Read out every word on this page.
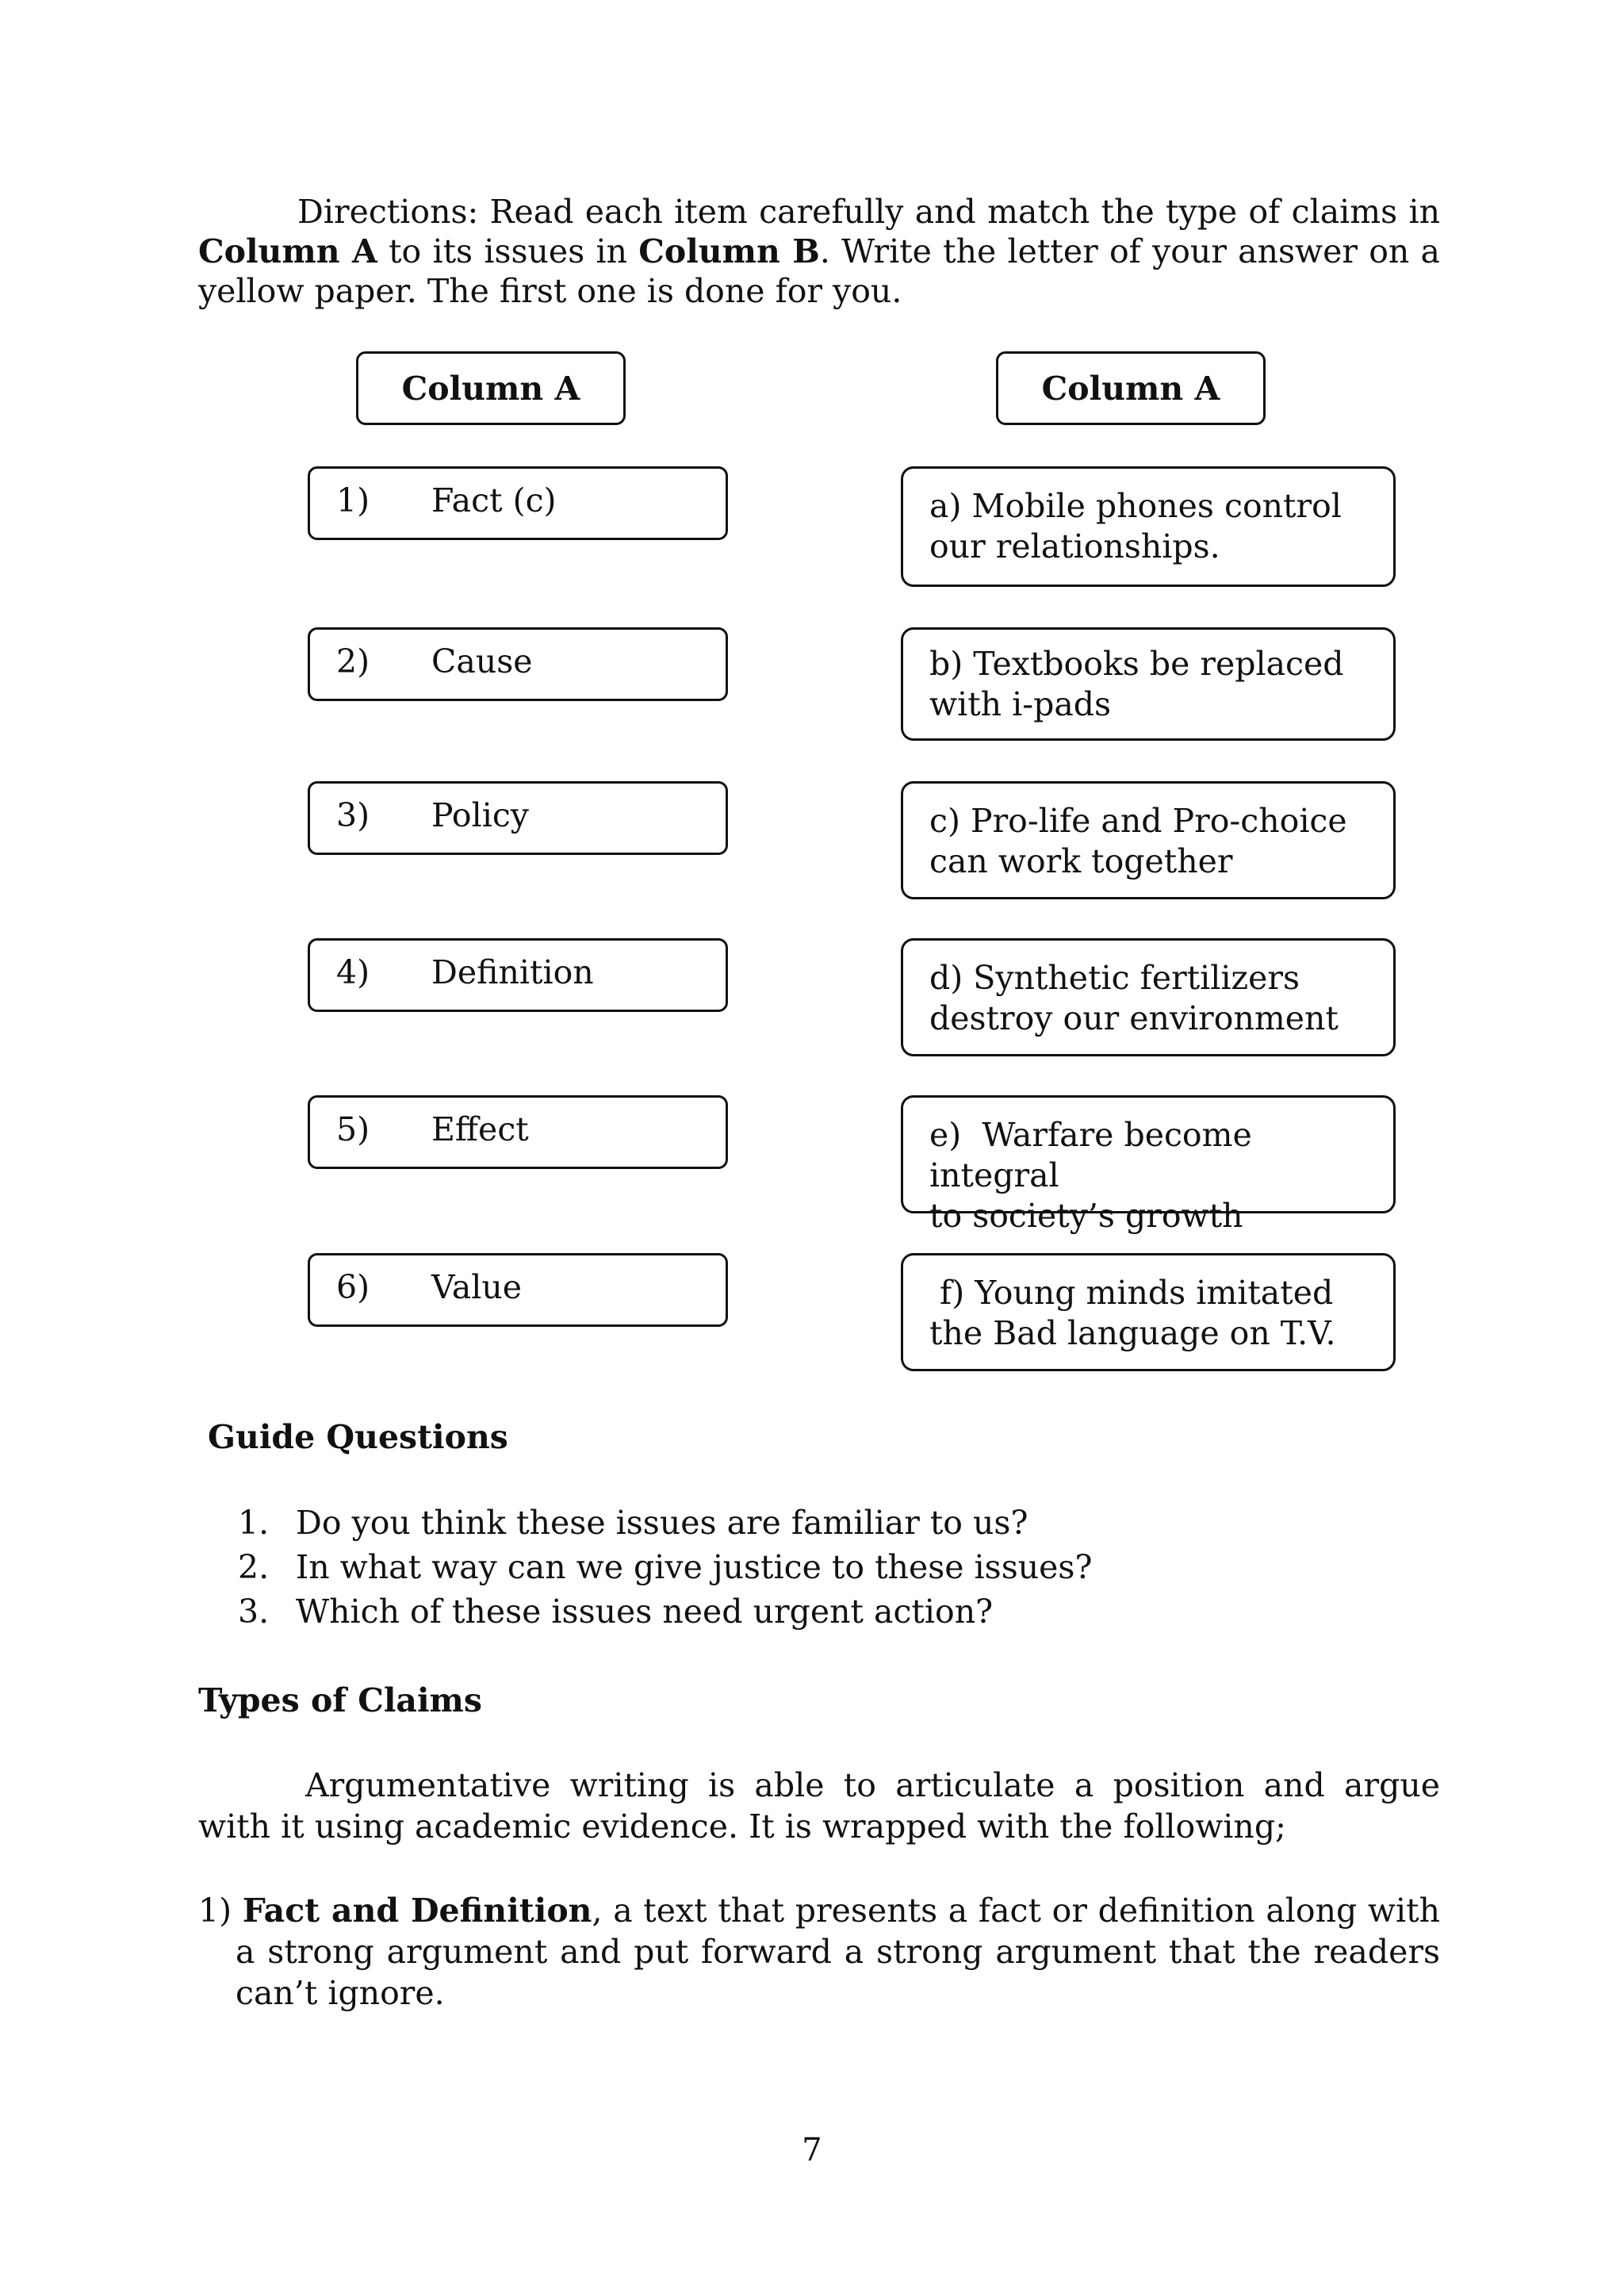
Directions: Read each item carefully and match the type of claims in Column A to its issues in Column B. Write the letter of your answer on a yellow paper. The first one is done for you.

Column A	Column A
1) Fact (c)
2) Cause
3) Policy
4) Definition
5) Effect
6) Value
a) Mobile phones control
our relationships.
b) Textbooks be replaced
with i-pads
c) Pro-life and Pro-choice
can work together
d) Synthetic fertilizers
destroy our environment
e)  Warfare become integral
to society’s growth
f) Young minds imitated
the Bad language on T.V.
Guide Questions
1. Do you think these issues are familiar to us?
2. In what way can we give justice to these issues?
3. Which of these issues need urgent action?
Types of Claims

Argumentative writing is able to articulate a position and argue with it using academic evidence. It is wrapped with the following;

1) Fact and Definition, a text that presents a fact or definition along with a strong argument and put forward a strong argument that the readers can’t ignore.

7
